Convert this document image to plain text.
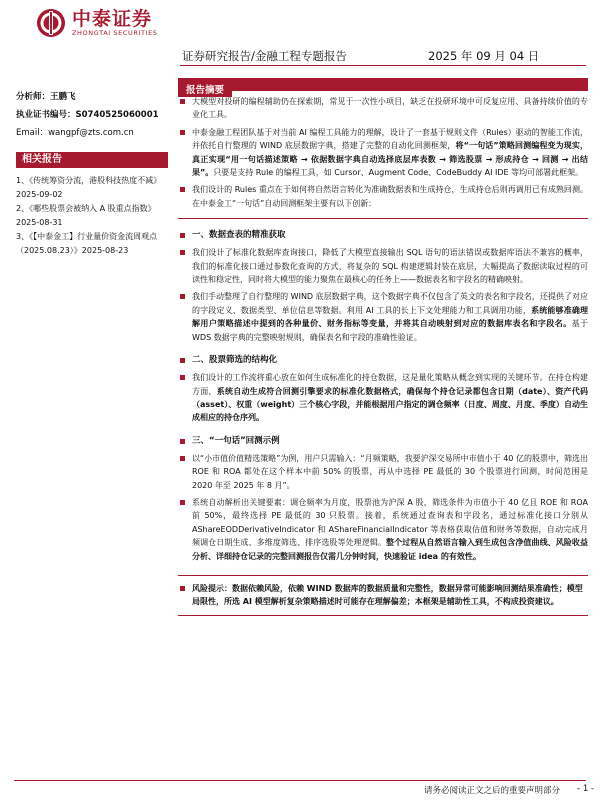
中泰证券
ZHONGTAI SECURITIES
证券研究报告/金融工程专题报告	2025 年 09 月 04 日
分析师：王鹏飞
执业证书编号：S0740525060001
Email：wangpf@zts.com.cn
相关报告
1、《传统筹资分流，港股科技热度不减》2025-09-02
2、《哪些股票会被纳入 A 股重点指数》2025-08-31
3、《【中泰金工】行业量价资金流周观点（2025.08.23）》2025-08-23
报告摘要
大模型对投研的编程辅助仍在探索期，常见于一次性小项目，缺乏在投研环境中可反复应用、具备持续价值的专业化工具。
中泰金融工程团队基于对当前 AI 编程工具能力的理解，设计了一套基于规则文件（Rules）驱动的智能工作流，并依托自行整理的 WIND 底层数据字典，搭建了完整的自动化回测框架，将“一句话”策略回测编程变为现实，真正实现“用一句话描述策略 → 依据数据字典自动选择底层库表数 → 筛选股票 → 形成持仓 → 回测 → 出结果”。只要是支持 Rule 的编程工具，如 Cursor、Augment Code、CodeBuddy AI IDE 等均可部署此框架。
我们设计的 Rules 重点在于如何将自然语言转化为准确数据表和生成持仓，生成持仓后则再调用已有成熟回测。在中泰金工“一句话”自动回测框架主要有以下创新：
一、数据查表的精准获取
我们设计了标准化数据库查询接口，降低了大模型直接输出 SQL 语句的语法错误或数据库语法不兼容的概率，我们的标准化接口通过参数化查询的方式，将复杂的 SQL 构建逻辑封装在底层，大幅提高了数据读取过程的可读性和稳定性，同时将大模型的能力聚焦在最核心的任务上——数据表名和字段名的精确映射。
我们手动整理了自行整理的 WIND 底层数据字典，这个数据字典不仅包含了英文的表名和字段名，还提供了对应的字段定义、数据类型、单位信息等数据。利用 AI 工具的长上下文处理能力和工具调用功能，系统能够准确理解用户策略描述中提到的各种量价、财务指标等变量，并将其自动映射到对应的数据库表名和字段名。基于 WDS 数据字典的完整映射规则，确保表名和字段的准确性验证。
二、股票筛选的结构化
我们设计的工作流将重心放在如何生成标准化的持仓数据，这是量化策略从概念到实现的关键环节。在持仓构建方面，系统自动生成符合回测引擎要求的标准化数据格式，确保每个持仓记录都包含日期（date）、资产代码（asset）、权重（weight）三个核心字段，并能根据用户指定的调仓频率（日度、周度、月度、季度）自动生成相应的持仓序列。
三、“一句话”回测示例
以“小市值价值精选策略”为例，用户只需输入：“月频策略，我要沪深交易所中市值小于 40 亿的股票中，筛选出 ROE 和 ROA 都处在这个样本中前 50% 的股票，再从中选择 PE 最低的 30 个股票进行回测，时间范围是 2020 年至 2025 年 8 月”。
系统自动解析出关键要素：调仓频率为月度，股票池为沪深 A 股，筛选条件为市值小于 40 亿且 ROE 和 ROA 前 50%，最终选择 PE 最低的 30 只股票。接着，系统通过查询表和字段名，通过标准化接口分别从 AShareEODDerivativeIndicator 和 AShareFinancialIndicator 等表格获取估值和财务等数据，自动完成月频调仓日期生成、多维度筛选、排序选股等处理逻辑。整个过程从自然语言输入到生成包含净值曲线、风险收益分析、详细持仓记录的完整回测报告仅需几分钟时间，快速验证 idea 的有效性。
风险提示：数据依赖风险，依赖 WIND 数据库的数据质量和完整性，数据异常可能影响回测结果准确性；模型局限性，所选 AI 模型解析复杂策略描述时可能存在理解偏差；本框架是辅助性工具，不构成投资建议。
请务必阅读正文之后的重要声明部分 - 1 -
